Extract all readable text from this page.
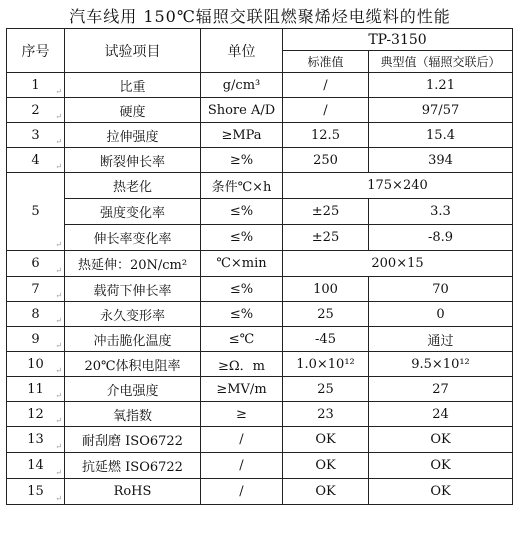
汽车线用 150℃辐照交联阻燃聚烯烃电缆料的性能
序号	试验项目	单位	TP-3150	
			标准值	典型值（辐照交联后）
1 ↵	比重	g/cm³	/	1.21
2 ↵	硬度	Shore A/D	/	97/57
3 ↵	拉伸强度	≥MPa	12.5	15.4
4 ↵	断裂伸长率	≥%	250	394
5
↵	热老化	条件℃×h	175×240	
	强度变化率	≤%	±25	3.3
	伸长率变化率	≤%	±25	-8.9
6 ↵	热延伸：20N/cm²	℃×min	200×15	
7 ↵	载荷下伸长率	≤%	100	70
8 ↵	永久变形率	≤%	25	0
9 ↵	冲击脆化温度	≤℃	-45	通过
10 ↵	20℃体积电阻率	≥Ω．m	1.0×10¹²	9.5×10¹²
11 ↵	介电强度	≥MV/m	25	27
12 ↵	氧指数	≥	23	24
13 ↵	耐刮磨 ISO6722	/	OK	OK
14 ↵	抗延燃 ISO6722	/	OK	OK
15 ↵	RoHS	/	OK	OK
